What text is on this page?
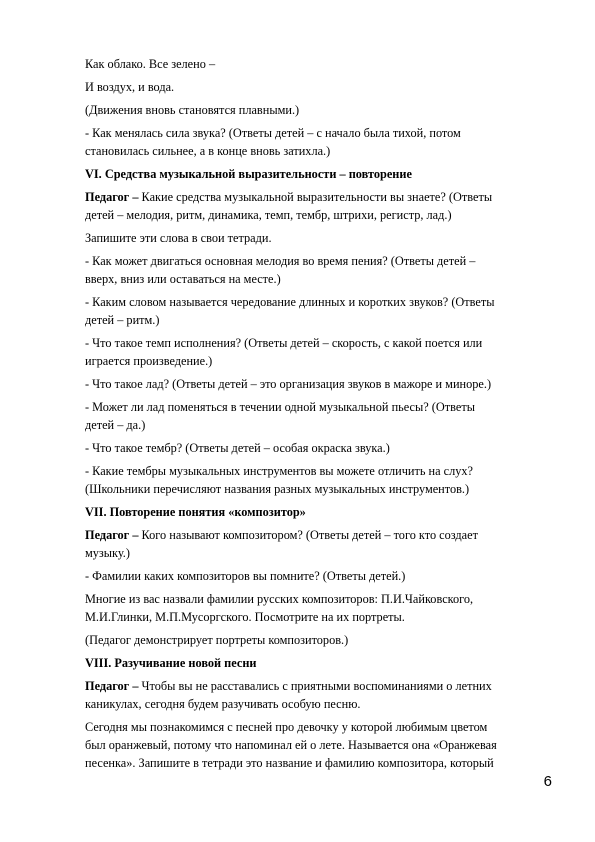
Как облако. Все зелено –
И воздух, и вода.
(Движения вновь становятся плавными.)
- Как менялась сила звука? (Ответы детей – с начало была тихой, потом
становилась сильнее, а в конце вновь затихла.)
VI. Средства музыкальной выразительности – повторение
Педагог – Какие средства музыкальной выразительности вы знаете? (Ответы
детей – мелодия, ритм, динамика, темп, тембр, штрихи, регистр, лад.)
Запишите эти слова в свои тетради.
- Как может двигаться основная мелодия во время пения? (Ответы детей –
вверх, вниз или оставаться на месте.)
- Каким словом называется чередование длинных и коротких звуков? (Ответы
детей – ритм.)
- Что такое темп исполнения? (Ответы детей – скорость, с какой поется или
играется произведение.)
- Что такое лад? (Ответы детей – это организация звуков в мажоре и миноре.)
- Может ли лад поменяться в течении одной музыкальной пьесы? (Ответы
детей – да.)
- Что такое тембр? (Ответы детей – особая окраска звука.)
- Какие тембры музыкальных инструментов вы можете отличить на слух?
(Школьники перечисляют названия разных музыкальных инструментов.)
VII. Повторение понятия «композитор»
Педагог – Кого называют композитором? (Ответы детей – того кто создает
музыку.)
- Фамилии каких композиторов вы помните? (Ответы детей.)
Многие из вас назвали фамилии русских композиторов: П.И.Чайковского,
М.И.Глинки, М.П.Мусоргского. Посмотрите на их портреты.
(Педагог демонстрирует портреты композиторов.)
VIII. Разучивание новой песни
Педагог – Чтобы вы не расставались с приятными воспоминаниями о летних
каникулах, сегодня будем разучивать особую песню.
Сегодня мы познакомимся с песней про девочку у которой любимым цветом
был оранжевый, потому что напоминал ей о лете. Называется она «Оранжевая
песенка». Запишите в тетради это название и фамилию композитора, который
6
